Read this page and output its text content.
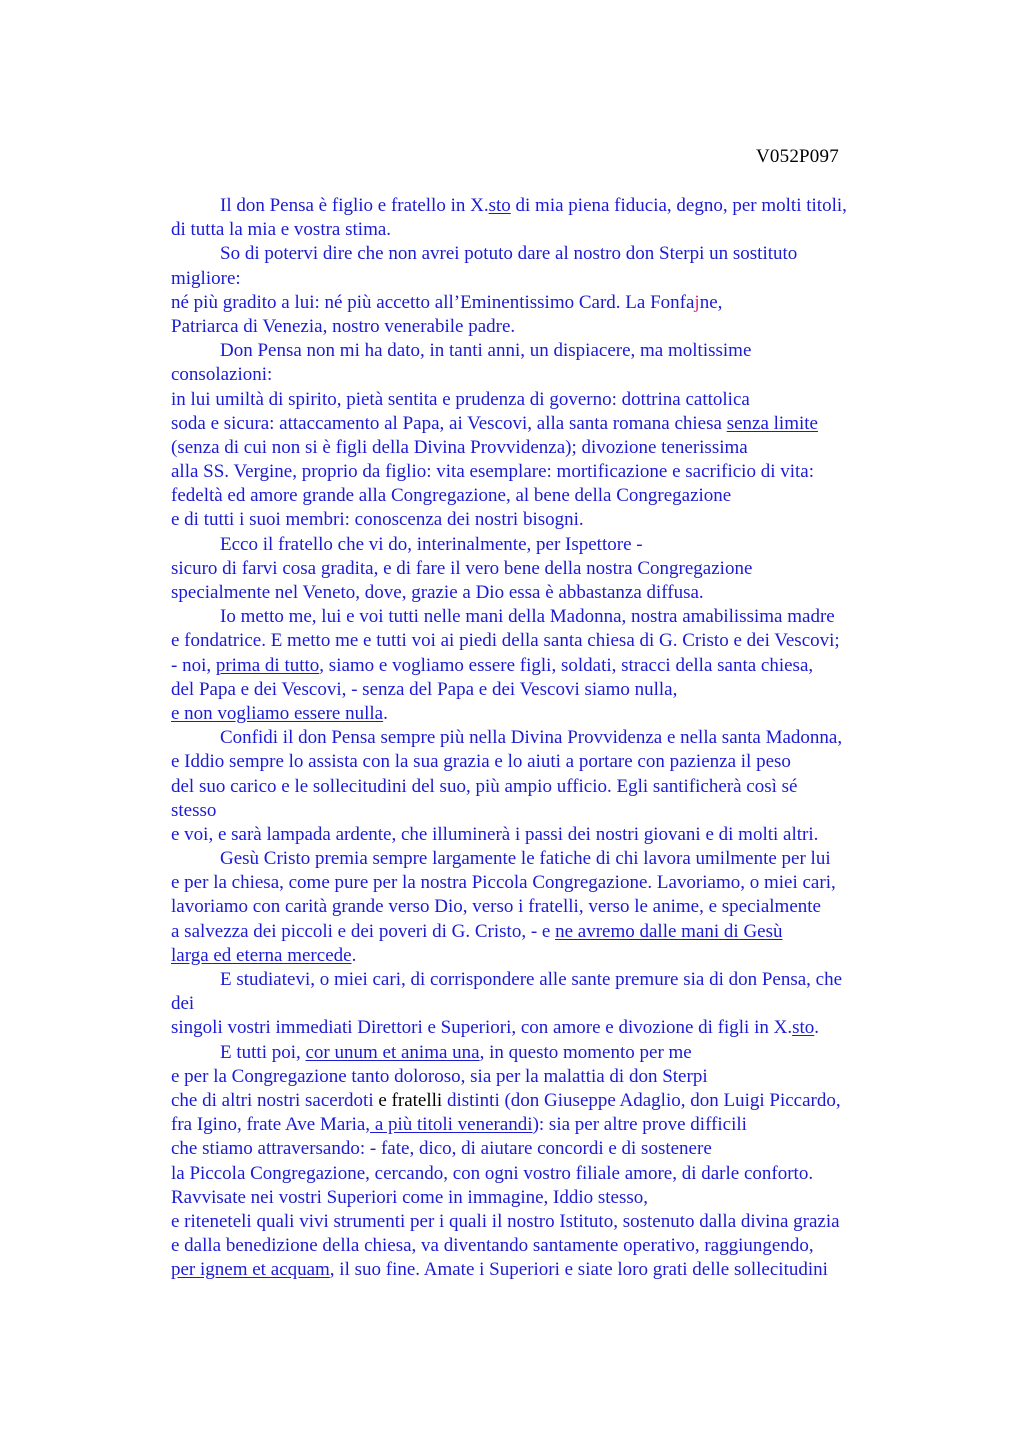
V052P097
Il don Pensa è figlio e fratello in X.sto di mia piena fiducia, degno, per molti titoli,
di tutta la mia e vostra stima.
So di potervi dire che non avrei potuto dare al nostro don Sterpi un sostituto
migliore:
né più gradito a lui: né più accetto all’Eminentissimo Card. La Fonfajne,
Patriarca di Venezia, nostro venerabile padre.
Don Pensa non mi ha dato, in tanti anni, un dispiacere, ma moltissime
consolazioni:
in lui umiltà di spirito, pietà sentita e prudenza di governo: dottrina cattolica
soda e sicura: attaccamento al Papa, ai Vescovi, alla santa romana chiesa senza limite
(senza di cui non si è figli della Divina Provvidenza); divozione tenerissima
alla SS. Vergine, proprio da figlio: vita esemplare: mortificazione e sacrificio di vita:
fedeltà ed amore grande alla Congregazione, al bene della Congregazione
e di tutti i suoi membri: conoscenza dei nostri bisogni.
Ecco il fratello che vi do, interinalmente, per Ispettore -
sicuro di farvi cosa gradita, e di fare il vero bene della nostra Congregazione
specialmente nel Veneto, dove, grazie a Dio essa è abbastanza diffusa.
Io metto me, lui e voi tutti nelle mani della Madonna, nostra amabilissima madre
e fondatrice. E metto me e tutti voi ai piedi della santa chiesa di G. Cristo e dei Vescovi;
- noi, prima di tutto, siamo e vogliamo essere figli, soldati, stracci della santa chiesa,
del Papa e dei Vescovi, - senza del Papa e dei Vescovi siamo nulla,
e non vogliamo essere nulla.
Confidi il don Pensa sempre più nella Divina Provvidenza e nella santa Madonna,
e Iddio sempre lo assista con la sua grazia e lo aiuti a portare con pazienza il peso
del suo carico e le sollecitudini del suo, più ampio ufficio. Egli santificherà così sé
stesso
e voi, e sarà lampada ardente, che illuminerà i passi dei nostri giovani e di molti altri.
Gesù Cristo premia sempre largamente le fatiche di chi lavora umilmente per lui
e per la chiesa, come pure per la nostra Piccola Congregazione. Lavoriamo, o miei cari,
lavoriamo con carità grande verso Dio, verso i fratelli, verso le anime, e specialmente
a salvezza dei piccoli e dei poveri di G. Cristo, - e ne avremo dalle mani di Gesù
larga ed eterna mercede.
E studiatevi, o miei cari, di corrispondere alle sante premure sia di don Pensa, che
dei
singoli vostri immediati Direttori e Superiori, con amore e divozione di figli in X.sto.
E tutti poi, cor unum et anima una, in questo momento per me
e per la Congregazione tanto doloroso, sia per la malattia di don Sterpi
che di altri nostri sacerdoti e fratelli distinti (don Giuseppe Adaglio, don Luigi Piccardo,
fra Igino, frate Ave Maria, a più titoli venerandi): sia per altre prove difficili
che stiamo attraversando: - fate, dico, di aiutare concordi e di sostenere
la Piccola Congregazione, cercando, con ogni vostro filiale amore, di darle conforto.
Ravvisate nei vostri Superiori come in immagine, Iddio stesso,
e riteneteli quali vivi strumenti per i quali il nostro Istituto, sostenuto dalla divina grazia
e dalla benedizione della chiesa, va diventando santamente operativo, raggiungendo,
per ignem et acquam, il suo fine. Amate i Superiori e siate loro grati delle sollecitudini
